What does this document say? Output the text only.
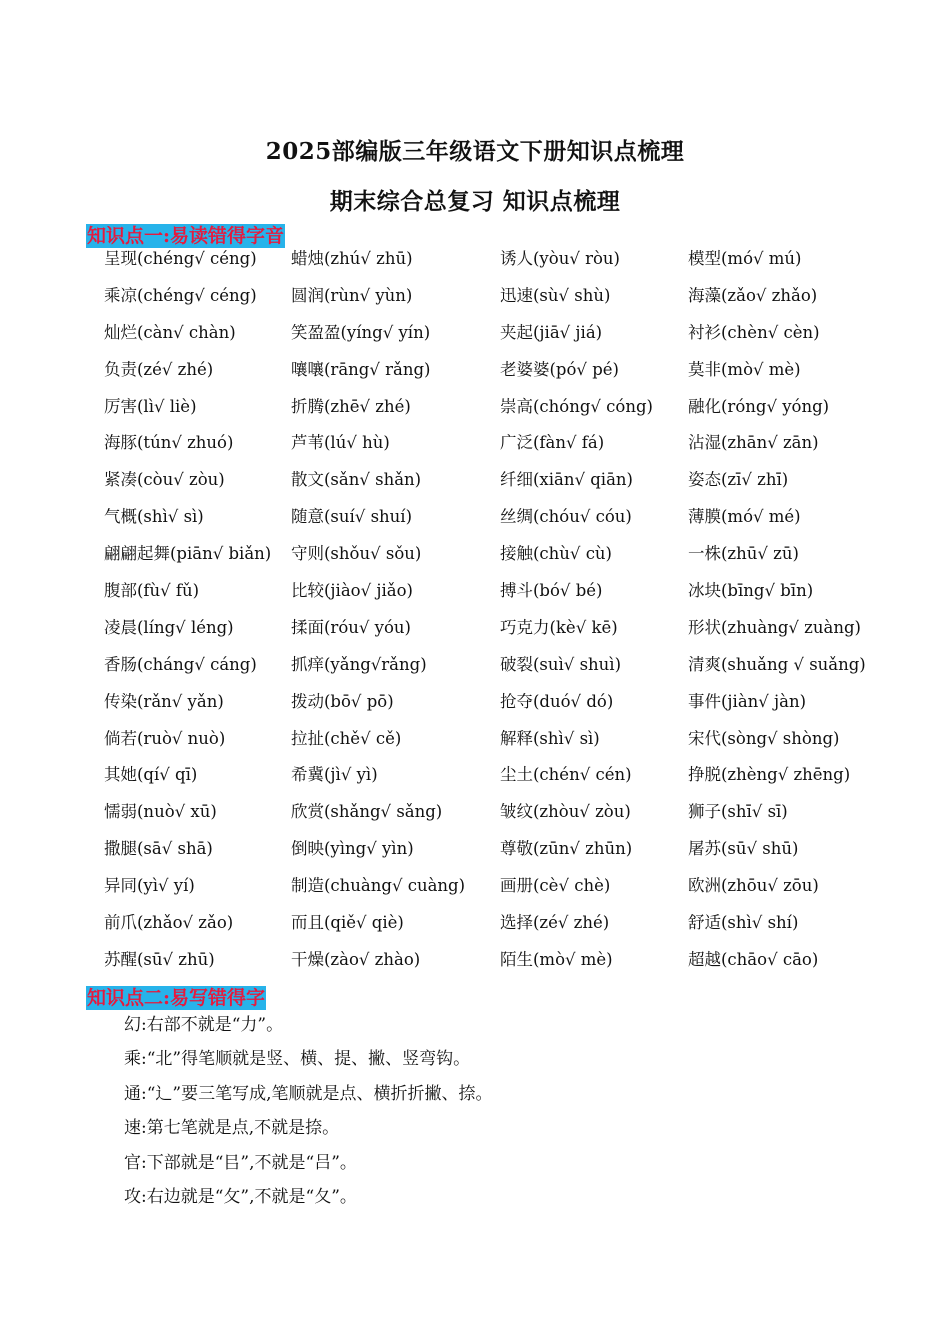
2025部编版三年级语文下册知识点梳理
期末综合总复习 知识点梳理
知识点一:易读错得字音
呈现(chéng√ céng) 蜡烛(zhú√ zhū)	诱人(yòu√ ròu)	模型(mó√ mú)
乘凉(chéng√ céng) 圆润(rùn√ yùn)	迅速(sù√ shù)	海藻(zǎo√ zhǎo)
灿烂(càn√ chàn)	笑盈盈(yíng√ yín)	夹起(jiā√ jiá)	衬衫(chèn√ cèn)
负责(zé√ zhé)	嚷嚷(rāng√ rǎng)	老婆婆(pó√ pé)	莫非(mò√ mè)
厉害(lì√ liè)	折腾(zhē√ zhé)	崇高(chóng√ cóng) 融化(róng√ yóng)
海豚(tún√ zhuó)	芦苇(lú√ hù)	广泛(fàn√ fá)	沾湿(zhān√ zān)
紧凑(còu√ zòu)	散文(sǎn√ shǎn)	纤细(xiān√ qiān)	姿态(zī√ zhī)
气概(shì√ sì)	随意(suí√ shuí)	丝绸(chóu√ cóu)	薄膜(mó√ mé)
翩翩起舞(piān√ biǎn) 守则(shǒu√ sǒu)	接触(chù√ cù)	一株(zhū√ zū)
腹部(fù√ fǔ)	比较(jiào√ jiǎo)	搏斗(bó√ bé)	冰块(bīng√ bīn)
凌晨(líng√ léng)	揉面(róu√ yóu)	巧克力(kè√ kē)	形状(zhuàng√ zuàng)
香肠(cháng√ cáng) 抓痒(yǎng√rǎng)	破裂(suì√ shuì)	清爽(shuǎng √ suǎng)
传染(rǎn√ yǎn)	拨动(bō√ pō)	抢夺(duó√ dó)	事件(jiàn√ jàn)
倘若(ruò√ nuò)	拉扯(chě√ cě)	解释(shì√ sì)	宋代(sòng√ shòng)
其她(qí√ qī)	希冀(jì√ yì)	尘土(chén√ cén)	挣脱(zhèng√ zhēng)
懦弱(nuò√ xū)	欣赏(shǎng√ sǎng)	皱纹(zhòu√ zòu)	狮子(shī√ sī)
撒腿(sā√ shā)	倒映(yìng√ yìn)	尊敬(zūn√ zhūn)	屠苏(sū√ shū)
异同(yì√ yí)	制造(chuàng√ cuàng) 画册(cè√ chè)	欧洲(zhōu√ zōu)
前爪(zhǎo√ zǎo)	而且(qiě√ qiè)	选择(zé√ zhé)	舒适(shì√ shí)
苏醒(sū√ zhū)	干燥(zào√ zhào)	陌生(mò√ mè)	超越(chāo√ cāo)
知识点二:易写错得字
幻:右部不就是“力”。
乘:“北”得笔顺就是竖、横、提、撇、竖弯钩。
通:“辶”要三笔写成,笔顺就是点、横折折撇、捺。
速:第七笔就是点,不就是捺。
官:下部就是“㠯”,不就是“吕”。
攻:右边就是“攵”,不就是“夂”。
